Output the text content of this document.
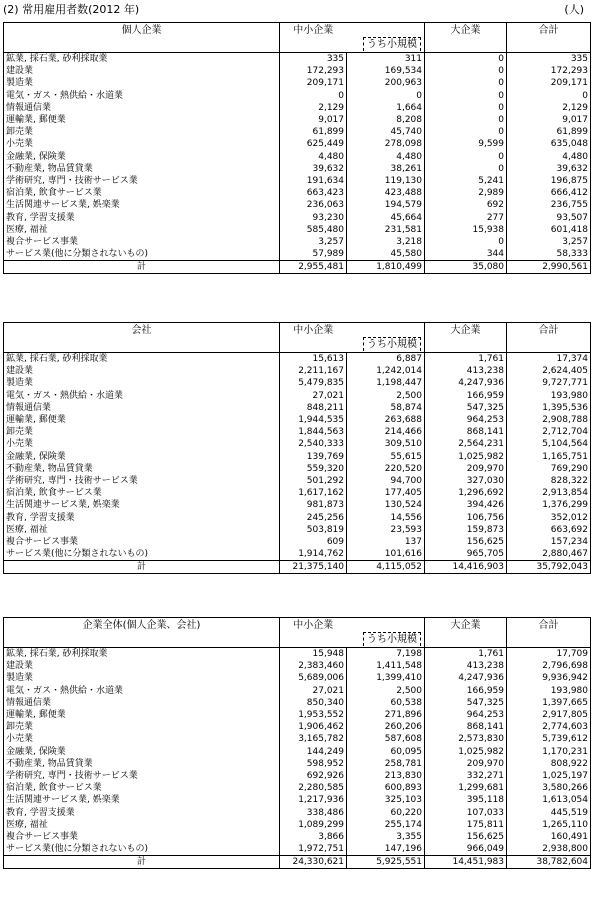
(2) 常用雇用者数(2012 年)	(人)
個人企業	中小企業	うち小規模	大企業	合計
鉱業, 採石業, 砂利採取業	335	311	0	335
建設業	172,293	169,534	0	172,293
製造業	209,171	200,963	0	209,171
電気・ガス・熱供給・水道業	0	0	0	0
情報通信業	2,129	1,664	0	2,129
運輸業, 郵便業	9,017	8,208	0	9,017
卸売業	61,899	45,740	0	61,899
小売業	625,449	278,098	9,599	635,048
金融業, 保険業	4,480	4,480	0	4,480
不動産業, 物品賃貸業	39,632	38,261	0	39,632
学術研究, 専門・技術サービス業	191,634	119,130	5,241	196,875
宿泊業, 飲食サービス業	663,423	423,488	2,989	666,412
生活関連サービス業, 娯楽業	236,063	194,579	692	236,755
教育, 学習支援業	93,230	45,664	277	93,507
医療, 福祉	585,480	231,581	15,938	601,418
複合サービス事業	3,257	3,218	0	3,257
サービス業(他に分類されないもの)	57,989	45,580	344	58,333
計	2,955,481	1,810,499	35,080	2,990,561
会社	中小企業	うち小規模	大企業	合計
鉱業, 採石業, 砂利採取業	15,613	6,887	1,761	17,374
建設業	2,211,167	1,242,014	413,238	2,624,405
製造業	5,479,835	1,198,447	4,247,936	9,727,771
電気・ガス・熱供給・水道業	27,021	2,500	166,959	193,980
情報通信業	848,211	58,874	547,325	1,395,536
運輸業, 郵便業	1,944,535	263,688	964,253	2,908,788
卸売業	1,844,563	214,466	868,141	2,712,704
小売業	2,540,333	309,510	2,564,231	5,104,564
金融業, 保険業	139,769	55,615	1,025,982	1,165,751
不動産業, 物品賃貸業	559,320	220,520	209,970	769,290
学術研究, 専門・技術サービス業	501,292	94,700	327,030	828,322
宿泊業, 飲食サービス業	1,617,162	177,405	1,296,692	2,913,854
生活関連サービス業, 娯楽業	981,873	130,524	394,426	1,376,299
教育, 学習支援業	245,256	14,556	106,756	352,012
医療, 福祉	503,819	23,593	159,873	663,692
複合サービス事業	609	137	156,625	157,234
サービス業(他に分類されないもの)	1,914,762	101,616	965,705	2,880,467
計	21,375,140	4,115,052	14,416,903	35,792,043
企業全体(個人企業、会社)	中小企業	うち小規模	大企業	合計
鉱業, 採石業, 砂利採取業	15,948	7,198	1,761	17,709
建設業	2,383,460	1,411,548	413,238	2,796,698
製造業	5,689,006	1,399,410	4,247,936	9,936,942
電気・ガス・熱供給・水道業	27,021	2,500	166,959	193,980
情報通信業	850,340	60,538	547,325	1,397,665
運輸業, 郵便業	1,953,552	271,896	964,253	2,917,805
卸売業	1,906,462	260,206	868,141	2,774,603
小売業	3,165,782	587,608	2,573,830	5,739,612
金融業, 保険業	144,249	60,095	1,025,982	1,170,231
不動産業, 物品賃貸業	598,952	258,781	209,970	808,922
学術研究, 専門・技術サービス業	692,926	213,830	332,271	1,025,197
宿泊業, 飲食サービス業	2,280,585	600,893	1,299,681	3,580,266
生活関連サービス業, 娯楽業	1,217,936	325,103	395,118	1,613,054
教育, 学習支援業	338,486	60,220	107,033	445,519
医療, 福祉	1,089,299	255,174	175,811	1,265,110
複合サービス事業	3,866	3,355	156,625	160,491
サービス業(他に分類されないもの)	1,972,751	147,196	966,049	2,938,800
計	24,330,621	5,925,551	14,451,983	38,782,604
